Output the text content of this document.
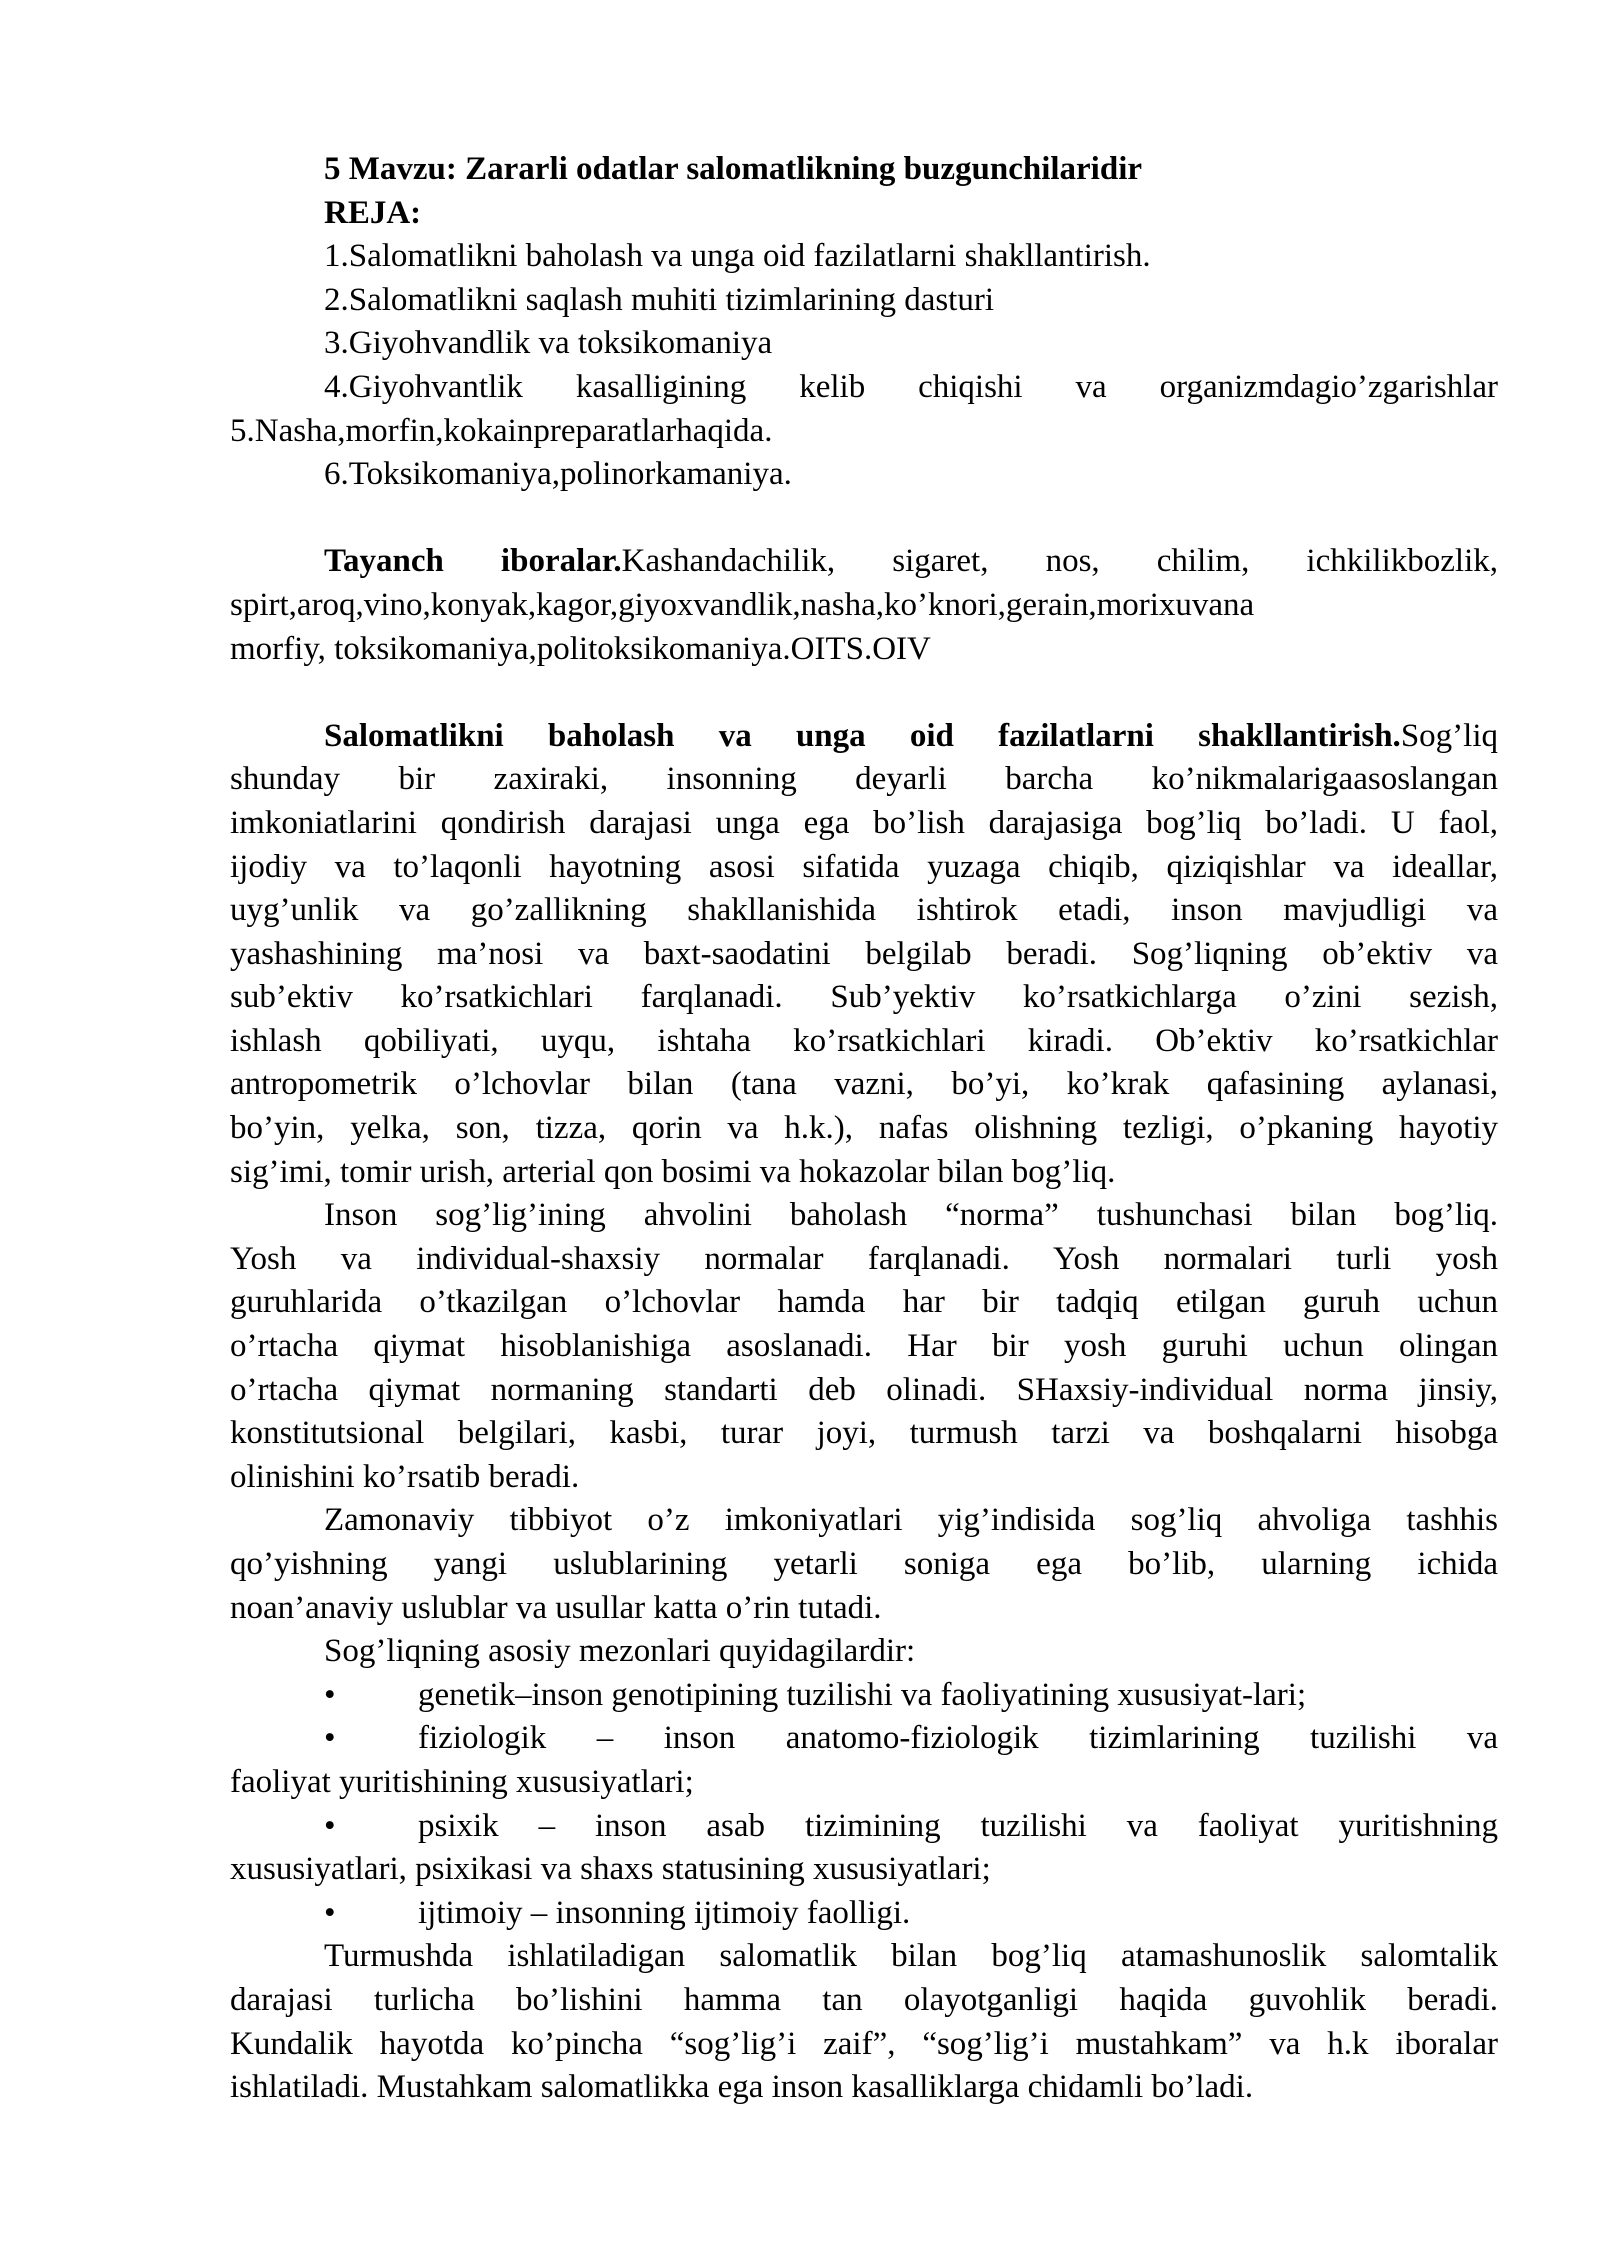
5 Mavzu: Zararli odatlar salomatlikning buzgunchilaridir
REJA:
1.Salomatlikni baholash va unga oid fazilatlarni shakllantirish.
2.Salomatlikni saqlash muhiti tizimlarining dasturi
3.Giyohvandlik va toksikomaniya
4.Giyohvantlik kasalligining kelib chiqishi va organizmdagio’zgarishlar
5.Nasha,morfin,kokainpreparatlarhaqida.
6.Toksikomaniya,polinorkamaniya.
Tayanch iboralar.Kashandachilik, sigaret, nos, chilim, ichkilikbozlik,
spirt,aroq,vino,konyak,kagor,giyoxvandlik,nasha,ko’knori,gerain,morixuvana
morfiy, toksikomaniya,politoksikomaniya.OITS.OIV
Salomatlikni baholash va unga oid fazilatlarni shakllantirish.Sog’liq
shunday bir zaxiraki, insonning deyarli barcha ko’nikmalarigaasoslangan
imkoniatlarini qondirish darajasi unga ega bo’lish darajasiga bog’liq bo’ladi. U faol,
ijodiy va to’laqonli hayotning asosi sifatida yuzaga chiqib, qiziqishlar va ideallar,
uyg’unlik va go’zallikning shakllanishida ishtirok etadi, inson mavjudligi va
yashashining ma’nosi va baxt-saodatini belgilab beradi. Sog’liqning ob’ektiv va
sub’ektiv ko’rsatkichlari farqlanadi. Sub’yektiv ko’rsatkichlarga o’zini sezish,
ishlash qobiliyati, uyqu, ishtaha ko’rsatkichlari kiradi. Ob’ektiv ko’rsatkichlar
antropometrik o’lchovlar bilan (tana vazni, bo’yi, ko’krak qafasining aylanasi,
bo’yin, yelka, son, tizza, qorin va h.k.), nafas olishning tezligi, o’pkaning hayotiy
sig’imi, tomir urish, arterial qon bosimi va hokazolar bilan bog’liq.
Inson sog’lig’ining ahvolini baholash “norma” tushunchasi bilan bog’liq.
Yosh va individual-shaxsiy normalar farqlanadi. Yosh normalari turli yosh
guruhlarida o’tkazilgan o’lchovlar hamda har bir tadqiq etilgan guruh uchun
o’rtacha qiymat hisoblanishiga asoslanadi. Har bir yosh guruhi uchun olingan
o’rtacha qiymat normaning standarti deb olinadi. SHaxsiy-individual norma jinsiy,
konstitutsional belgilari, kasbi, turar joyi, turmush tarzi va boshqalarni hisobga
olinishini ko’rsatib beradi.
Zamonaviy tibbiyot o’z imkoniyatlari yig’indisida sog’liq ahvoliga tashhis
qo’yishning yangi uslublarining yetarli soniga ega bo’lib, ularning ichida
noan’anaviy uslublar va usullar katta o’rin tutadi.
Sog’liqning asosiy mezonlari quyidagilardir:
•	genetik–inson genotipining tuzilishi va faoliyatining xususiyat-lari;
•	fiziologik – inson anatomo-fiziologik tizimlarining tuzilishi va
faoliyat yuritishining xususiyatlari;
•	psixik – inson asab tizimining tuzilishi va faoliyat yuritishning
xususiyatlari, psixikasi va shaxs statusining xususiyatlari;
•	ijtimoiy – insonning ijtimoiy faolligi.
Turmushda ishlatiladigan salomatlik bilan bog’liq atamashunoslik salomtalik
darajasi turlicha bo’lishini hamma tan olayotganligi haqida guvohlik beradi.
Kundalik hayotda ko’pincha “sog’lig’i zaif”, “sog’lig’i mustahkam” va h.k iboralar
ishlatiladi. Mustahkam salomatlikka ega inson kasalliklarga chidamli bo’ladi.
